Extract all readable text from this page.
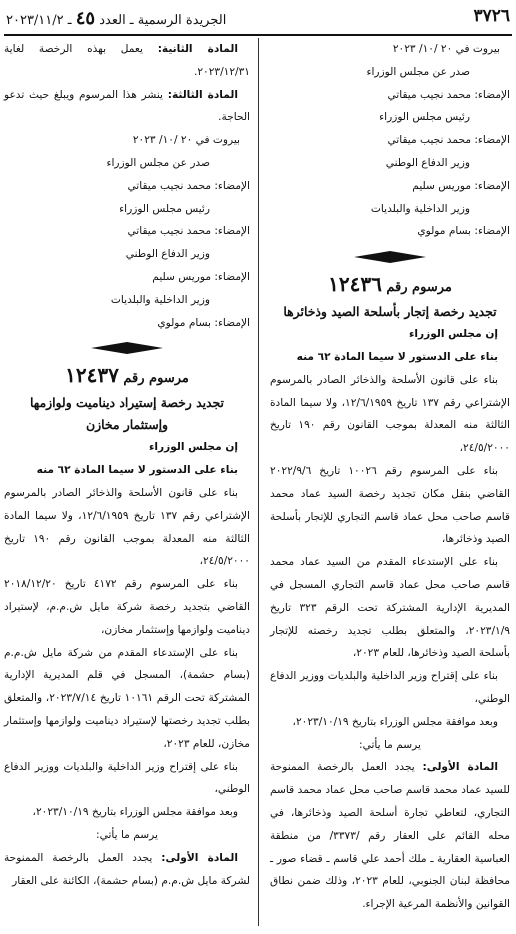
٣٧٢٦
الجريدة الرسمية ـ العدد ٤٥ ـ ٢٠٢٣/١١/٢

بيروت في ٢٠ /١٠/ ٢٠٢٣

صدر عن مجلس الوزراء

الإمضاء: محمد نجيب ميقاتي

رئيس مجلس الوزراء

الإمضاء: محمد نجيب ميقاتي

وزير الدفاع الوطني

الإمضاء: موريس سليم

وزير الداخلية والبلديات

الإمضاء: بسام مولوي

مرسوم رقم ١٢٤٣٦

تجديد رخصة إتجار بأسلحة الصيد وذخائرها

إن مجلس الوزراء

بناء على الدستور لا سيما المادة ٦٢ منه

بناء على قانون الأسلحة والذخائر الصادر بالمرسوم الإشتراعي رقم ١٣٧ تاريخ ١٢/٦/١٩٥٩، ولا سيما المادة الثالثة منه المعدلة بموجب القانون رقم ١٩٠ تاريخ ٢٤/٥/٢٠٠٠،

بناء على المرسوم رقم ١٠٠٢٦ تاريخ ٢٠٢٢/٩/٦ القاضي بنقل مكان تجديد رخصة السيد عماد محمد قاسم صاحب محل عماد قاسم التجاري للإتجار بأسلحة الصيد وذخائرها،

بناء على الإستدعاء المقدم من السيد عماد محمد قاسم صاحب محل عماد قاسم التجاري المسجل في المديرية الإدارية المشتركة تحت الرقم ٣٢٣ تاريخ ٢٠٢٣/١/٩، والمتعلق بطلب تجديد رخصته للإتجار بأسلحة الصيد وذخائرها، للعام ٢٠٢٣،

بناء على إقتراح وزير الداخلية والبلديات ووزير الدفاع الوطني،

وبعد موافقة مجلس الوزراء بتاريخ ٢٠٢٣/١٠/١٩،

يرسم ما يأتي:

المادة الأولى: يجدد العمل بالرخصة الممنوحة للسيد عماد محمد قاسم صاحب محل عماد محمد قاسم التجاري، لتعاطي تجارة أسلحة الصيد وذخائرها، في محله القائم على العقار رقم /٣٣٧٣/ من منطقة العباسية العقارية ـ ملك أحمد علي قاسم ـ قضاء صور ـ محافظة لبنان الجنوبي، للعام ٢٠٢٣، وذلك ضمن نطاق القوانين والأنظمة المرعية الإجراء.

المادة الثانية: يعمل بهذه الرخصة لغاية ٢٠٢٣/١٢/٣١.

المادة الثالثة: ينشر هذا المرسوم ويبلغ حيث تدعو الحاجة.

بيروت في ٢٠ /١٠/ ٢٠٢٣

صدر عن مجلس الوزراء

الإمضاء: محمد نجيب ميقاتي

رئيس مجلس الوزراء

الإمضاء: محمد نجيب ميقاتي

وزير الدفاع الوطني

الإمضاء: موريس سليم

وزير الداخلية والبلديات

الإمضاء: بسام مولوي

مرسوم رقم ١٢٤٣٧

تجديد رخصة إستيراد ديناميت ولوازمها

وإستثمار مخازن

إن مجلس الوزراء

بناء على الدستور لا سيما المادة ٦٢ منه

بناء على قانون الأسلحة والذخائر الصادر بالمرسوم الإشتراعي رقم ١٣٧ تاريخ ١٢/٦/١٩٥٩، ولا سيما المادة الثالثة منه المعدلة بموجب القانون رقم ١٩٠ تاريخ ٢٤/٥/٢٠٠٠،

بناء على المرسوم رقم ٤١٧٢ تاريخ ٢٠١٨/١٢/٢٠ القاضي بتجديد رخصة شركة مايل ش.م.م، لإستيراد ديناميت ولوازمها وإستثمار مخازن،

بناء على الإستدعاء المقدم من شركة مايل ش.م.م (بسام حشمة)، المسجل في قلم المديرية الإدارية المشتركة تحت الرقم ١٠١٦١ تاريخ ٢٠٢٣/٧/١٤، والمتعلق بطلب تجديد رخصتها لإستيراد ديناميت ولوازمها وإستثمار مخازن، للعام ٢٠٢٣،

بناء على إقتراح وزير الداخلية والبلديات ووزير الدفاع الوطني،

وبعد موافقة مجلس الوزراء بتاريخ ٢٠٢٣/١٠/١٩،

يرسم ما يأتي:

المادة الأولى: يجدد العمل بالرخصة الممنوحة لشركة مايل ش.م.م (بسام حشمة)، الكائنة على العقار
